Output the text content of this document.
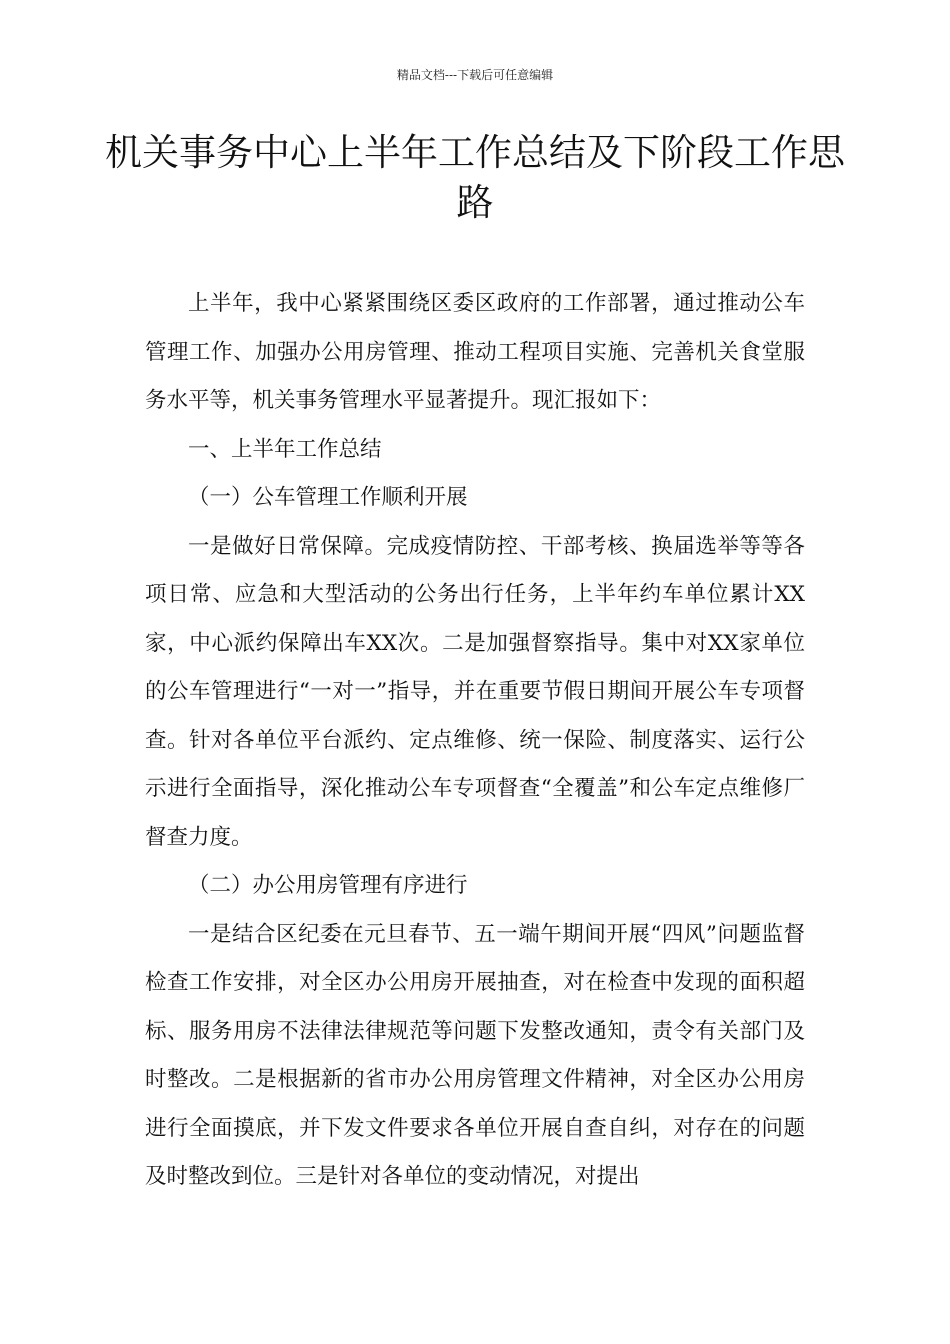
精品文档---下载后可任意编辑
机关事务中心上半年工作总结及下阶段工作思路

上半年，我中心紧紧围绕区委区政府的工作部署，通过推动公车管理工作、加强办公用房管理、推动工程项目实施、完善机关食堂服务水平等，机关事务管理水平显著提升。现汇报如下：

一、上半年工作总结

（一）公车管理工作顺利开展

一是做好日常保障。完成疫情防控、干部考核、换届选举等等各项日常、应急和大型活动的公务出行任务，上半年约车单位累计XX家，中心派约保障出车XX次。二是加强督察指导。集中对XX家单位的公车管理进行“一对一”指导，并在重要节假日期间开展公车专项督查。针对各单位平台派约、定点维修、统一保险、制度落实、运行公示进行全面指导，深化推动公车专项督查“全覆盖”和公车定点维修厂督查力度。

（二）办公用房管理有序进行

一是结合区纪委在元旦春节、五一端午期间开展“四风”问题监督检查工作安排，对全区办公用房开展抽查，对在检查中发现的面积超标、服务用房不法律法律规范等问题下发整改通知，责令有关部门及时整改。二是根据新的省市办公用房管理文件精神，对全区办公用房进行全面摸底，并下发文件要求各单位开展自查自纠，对存在的问题及时整改到位。三是针对各单位的变动情况，对提出
